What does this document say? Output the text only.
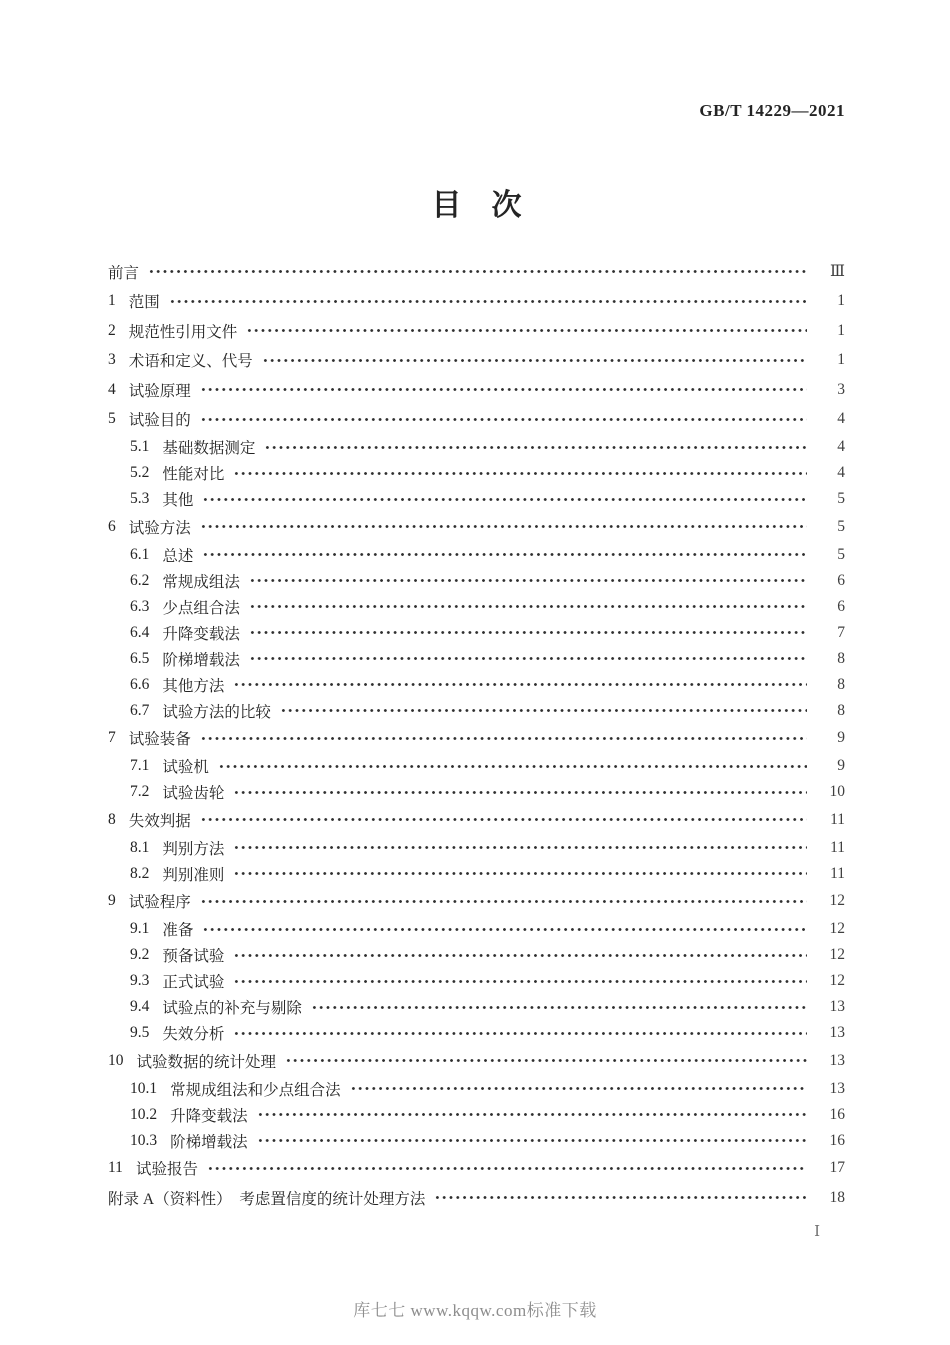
GB/T 14229—2021
目　次
前言	Ⅲ
1 范围	1
2 规范性引用文件	1
3 术语和定义、代号	1
4 试验原理	3
5 试验目的	4
5.1 基础数据测定	4
5.2 性能对比	4
5.3 其他	5
6 试验方法	5
6.1 总述	5
6.2 常规成组法	6
6.3 少点组合法	6
6.4 升降变载法	7
6.5 阶梯增载法	8
6.6 其他方法	8
6.7 试验方法的比较	8
7 试验装备	9
7.1 试验机	9
7.2 试验齿轮	10
8 失效判据	11
8.1 判别方法	11
8.2 判别准则	11
9 试验程序	12
9.1 准备	12
9.2 预备试验	12
9.3 正式试验	12
9.4 试验点的补充与剔除	13
9.5 失效分析	13
10 试验数据的统计处理	13
10.1 常规成组法和少点组合法	13
10.2 升降变载法	16
10.3 阶梯增载法	16
11 试验报告	17
附录 A（资料性）　考虑置信度的统计处理方法	18
Ⅰ
库七七 www.kqqw.com标准下载
